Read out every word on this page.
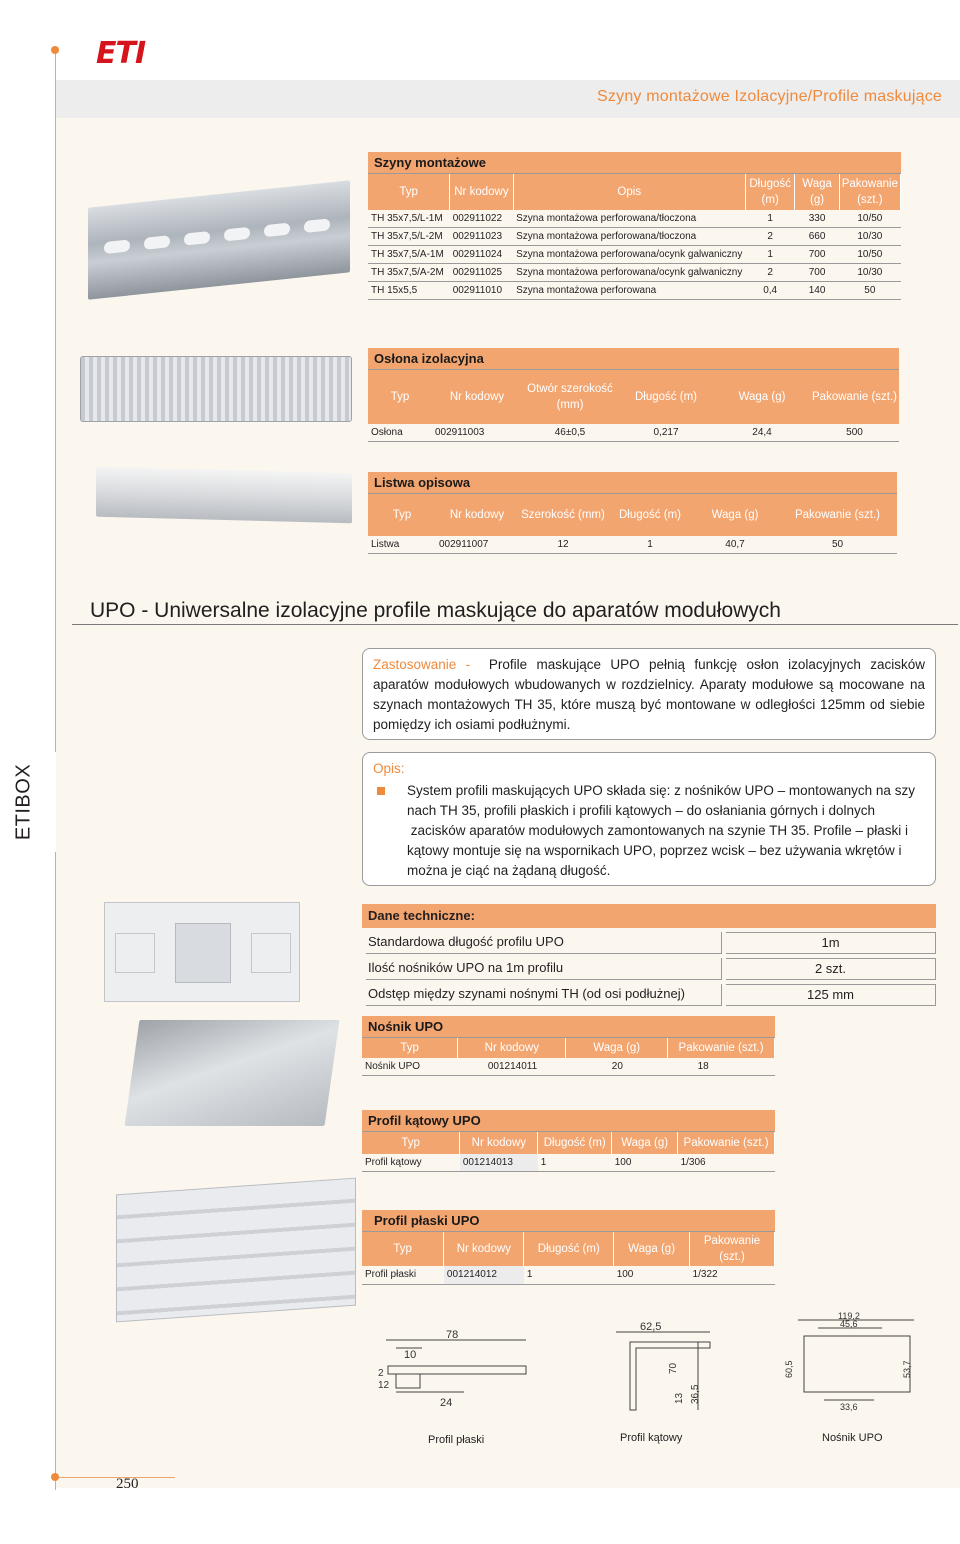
Szyny montażowe Izolacyjne/Profile maskujące
ETI
ETIBOX
250
Szyny montażowe					
Typ	Nr kodowy	Opis	Długość (m)	Waga (g)	Pakowanie (szt.)
TH 35x7,5/L-1M	002911022	Szyna montażowa perforowana/tłoczona	1	330	10/50
TH 35x7,5/L-2M	002911023	Szyna montażowa perforowana/tłoczona	2	660	10/30
TH 35x7,5/A-1M	002911024	Szyna montażowa perforowana/ocynk galwaniczny	1	700	10/50
TH 35x7,5/A-2M	002911025	Szyna montażowa perforowana/ocynk galwaniczny	2	700	10/30
TH 15x5,5	002911010	Szyna montażowa perforowana	0,4	140	50
Osłona izolacyjna					
Typ	Nr kodowy	Otwór szerokość (mm)	Długość (m)	Waga (g)	Pakowanie (szt.)
Osłona	002911003	46±0,5	0,217	24,4	500
Listwa opisowa					
Typ	Nr kodowy	Szerokość (mm)	Długość (m)	Waga (g)	Pakowanie (szt.)
Listwa	002911007	12	1	40,7	50
UPO - Uniwersalne izolacyjne profile maskujące do aparatów modułowych
Zastosowanie - Profile maskujące UPO pełnią funkcję osłon izolacyjnych zacisków aparatów modułowych wbudowanych w rozdzielnicy. Aparaty modułowe są mocowane na szynach montażowych TH 35, które muszą być montowane w odległości 125mm od siebie pomiędzy ich osiami podłużnymi.
Opis:
System profili maskujących UPO składa się: z nośników UPO – montowanych na szy
nach TH 35, profili płaskich i profili kątowych – do osłaniania górnych i dolnych
zacisków aparatów modułowych zamontowanych na szynie TH 35. Profile – płaski i
kątowy montuje się na wspornikach UPO, poprzez wcisk – bez używania wkrętów i
można je ciąć na żądaną długość.
Dane techniczne:
Standardowa długość profilu UPO	1m
Ilość nośników UPO na 1m profilu	2 szt.
Odstęp między szynami nośnymi TH (od osi podłużnej)	125 mm
Nośnik UPO			
Typ	Nr kodowy	Waga (g)	Pakowanie (szt.)
Nośnik UPO	001214011	20	18
Profil kątowy UPO				
Typ	Nr kodowy	Długość (m)	Waga (g)	Pakowanie (szt.)
Profil kątowy	001214013	1	100	1/306
Profil płaski UPO				
Typ	Nr kodowy	Długość (m)	Waga (g)	Pakowanie (szt.)
Profil płaski	001214012	1	100	1/322
78
10
2
12
24
62,5
70
13 36,5
119,2
45,6
33,6
60,5	53,7
Profil płaski	Profil kątowy	Nośnik UPO
